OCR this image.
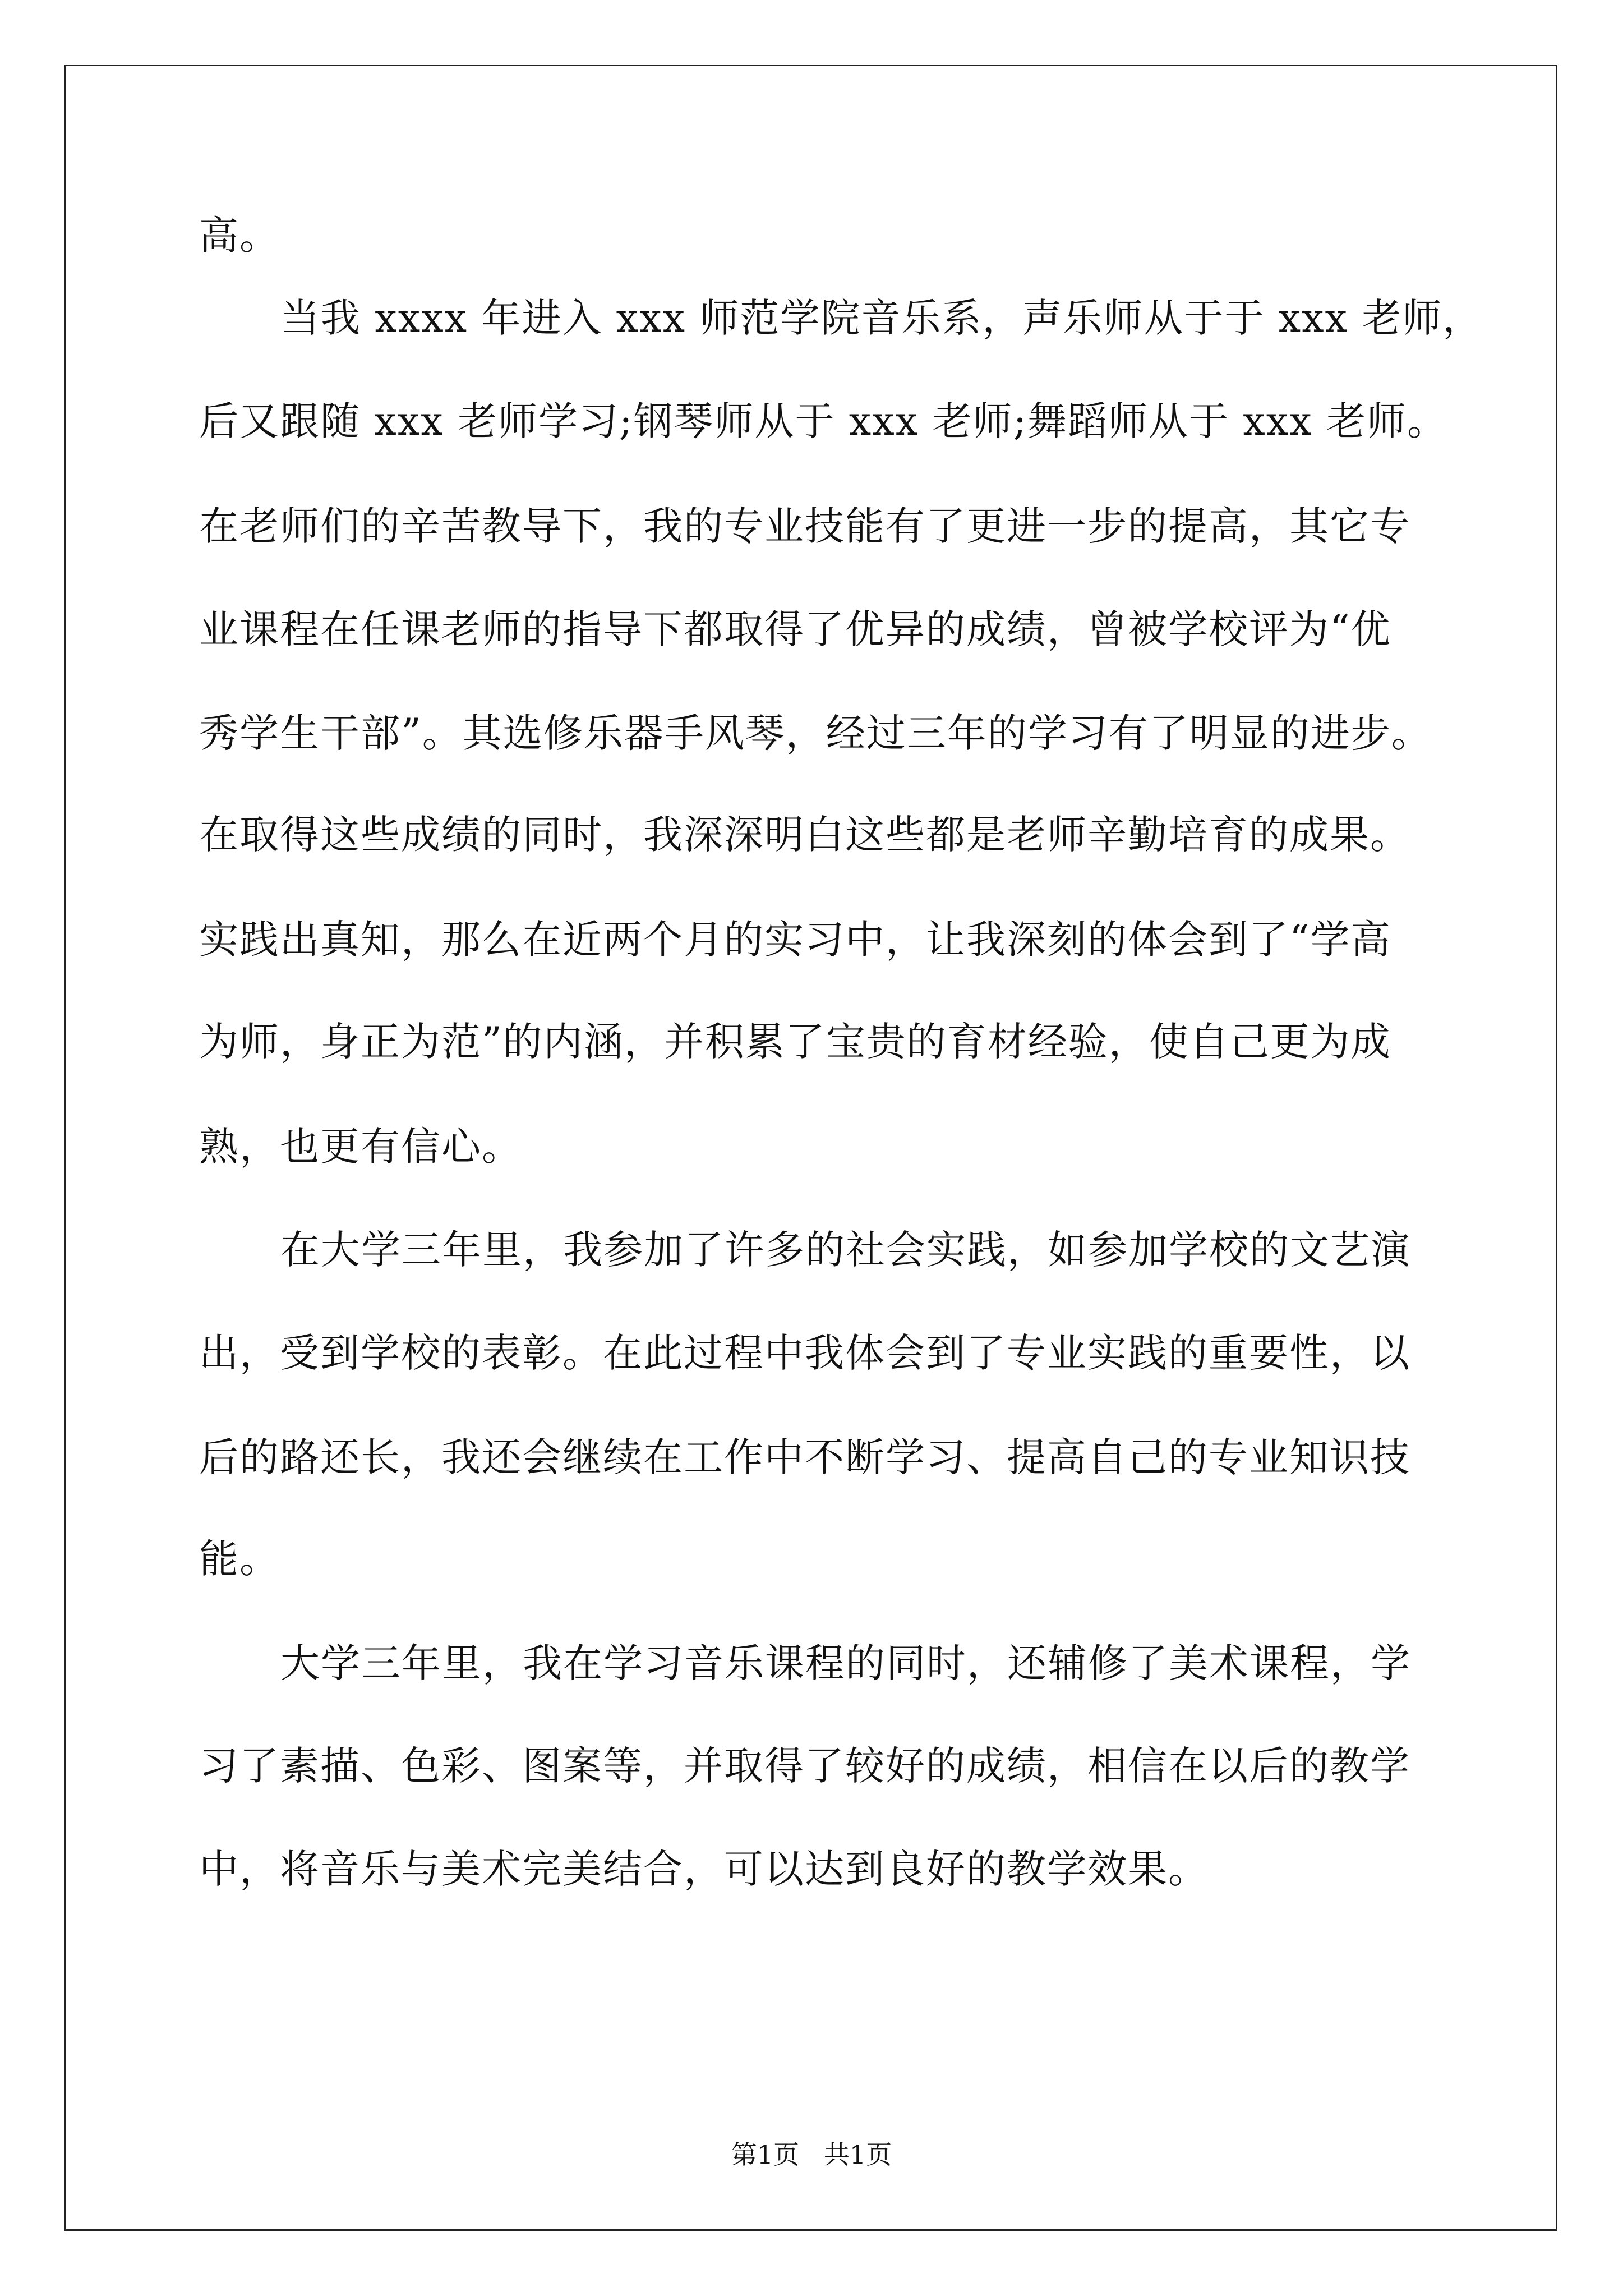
高。
当我 xxxx 年进入 xxx 师范学院音乐系，声乐师从于于 xxx 老师，
后又跟随 xxx 老师学习;钢琴师从于 xxx 老师;舞蹈师从于 xxx 老师。
在老师们的辛苦教导下，我的专业技能有了更进一步的提高，其它专
业课程在任课老师的指导下都取得了优异的成绩，曾被学校评为“优
秀学生干部”。其选修乐器手风琴，经过三年的学习有了明显的进步。
在取得这些成绩的同时，我深深明白这些都是老师辛勤培育的成果。
实践出真知，那么在近两个月的实习中，让我深刻的体会到了“学高
为师，身正为范”的内涵，并积累了宝贵的育材经验，使自己更为成
熟，也更有信心。
在大学三年里，我参加了许多的社会实践，如参加学校的文艺演
出，受到学校的表彰。在此过程中我体会到了专业实践的重要性，以
后的路还长，我还会继续在工作中不断学习、提高自己的专业知识技
能。
大学三年里，我在学习音乐课程的同时，还辅修了美术课程，学
习了素描、色彩、图案等，并取得了较好的成绩，相信在以后的教学
中，将音乐与美术完美结合，可以达到良好的教学效果。
第1页   共1页
